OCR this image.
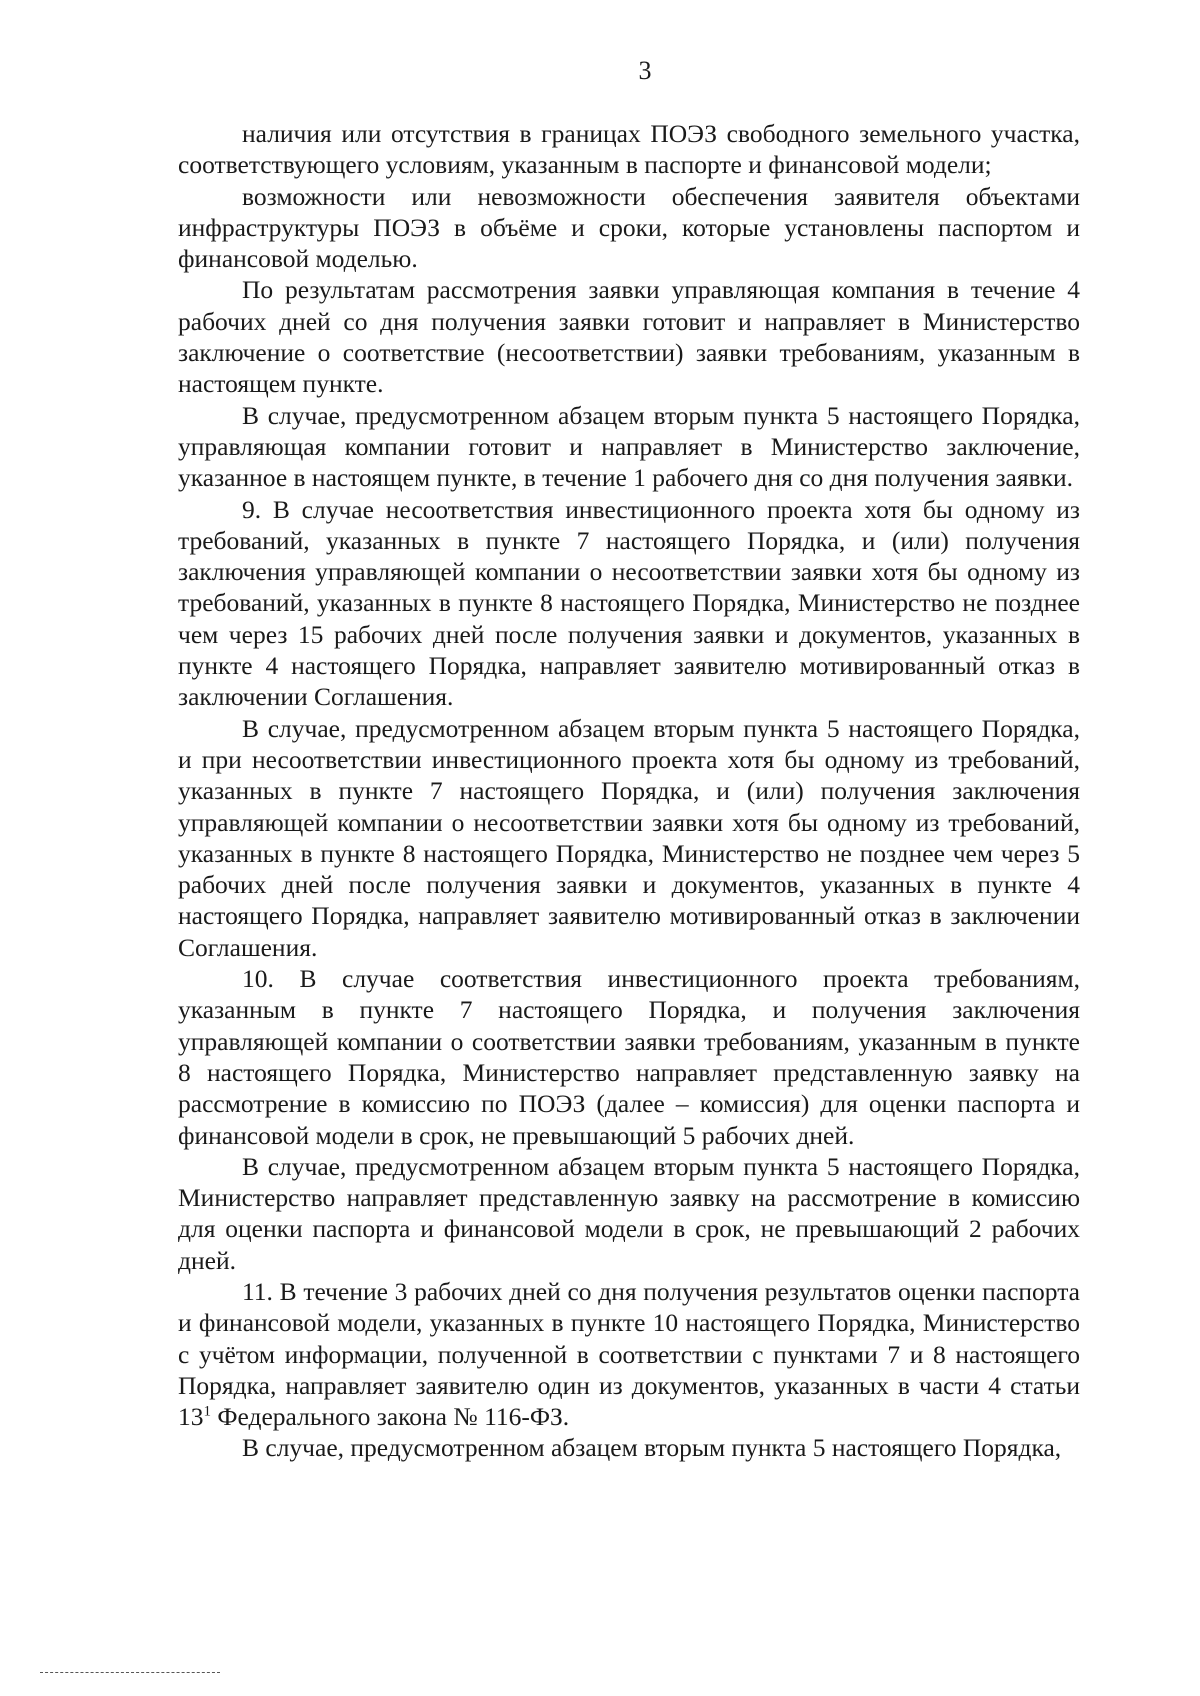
3

наличия или отсутствия в границах ПОЭЗ свободного земельного участка, соответствующего условиям, указанным в паспорте и финансовой модели;

возможности или невозможности обеспечения заявителя объектами инфраструктуры ПОЭЗ в объёме и сроки, которые установлены паспортом и финансовой моделью.

По результатам рассмотрения заявки управляющая компания в течение 4 рабочих дней со дня получения заявки готовит и направляет в Министерство заключение о соответствие (несоответствии) заявки требованиям, указанным в настоящем пункте.

В случае, предусмотренном абзацем вторым пункта 5 настоящего Порядка, управляющая компании готовит и направляет в Министерство заключение, указанное в настоящем пункте, в течение 1 рабочего дня со дня получения заявки.

9. В случае несоответствия инвестиционного проекта хотя бы одному из требований, указанных в пункте 7 настоящего Порядка, и (или) получения заключения управляющей компании о несоответствии заявки хотя бы одному из требований, указанных в пункте 8 настоящего Порядка, Министерство не позднее чем через 15 рабочих дней после получения заявки и документов, указанных в пункте 4 настоящего Порядка, направляет заявителю мотивированный отказ в заключении Соглашения.

В случае, предусмотренном абзацем вторым пункта 5 настоящего Порядка, и при несоответствии инвестиционного проекта хотя бы одному из требований, указанных в пункте 7 настоящего Порядка, и (или) получения заключения управляющей компании о несоответствии заявки хотя бы одному из требований, указанных в пункте 8 настоящего Порядка, Министерство не позднее чем через 5 рабочих дней после получения заявки и документов, указанных в пункте 4 настоящего Порядка, направляет заявителю мотивированный отказ в заключении Соглашения.

10. В случае соответствия инвестиционного проекта требованиям, указанным в пункте 7 настоящего Порядка, и получения заключения управляющей компании о соответствии заявки требованиям, указанным в пункте 8 настоящего Порядка, Министерство направляет представленную заявку на рассмотрение в комиссию по ПОЭЗ (далее – комиссия) для оценки паспорта и финансовой модели в срок, не превышающий 5 рабочих дней.

В случае, предусмотренном абзацем вторым пункта 5 настоящего Порядка, Министерство направляет представленную заявку на рассмотрение в комиссию для оценки паспорта и финансовой модели в срок, не превышающий 2 рабочих дней.

11. В течение 3 рабочих дней со дня получения результатов оценки паспорта и финансовой модели, указанных в пункте 10 настоящего Порядка, Министерство с учётом информации, полученной в соответствии с пунктами 7 и 8 настоящего Порядка, направляет заявителю один из документов, указанных в части 4 статьи $13^1$ Федерального закона № 116-ФЗ.

В случае, предусмотренном абзацем вторым пункта 5 настоящего Порядка,
